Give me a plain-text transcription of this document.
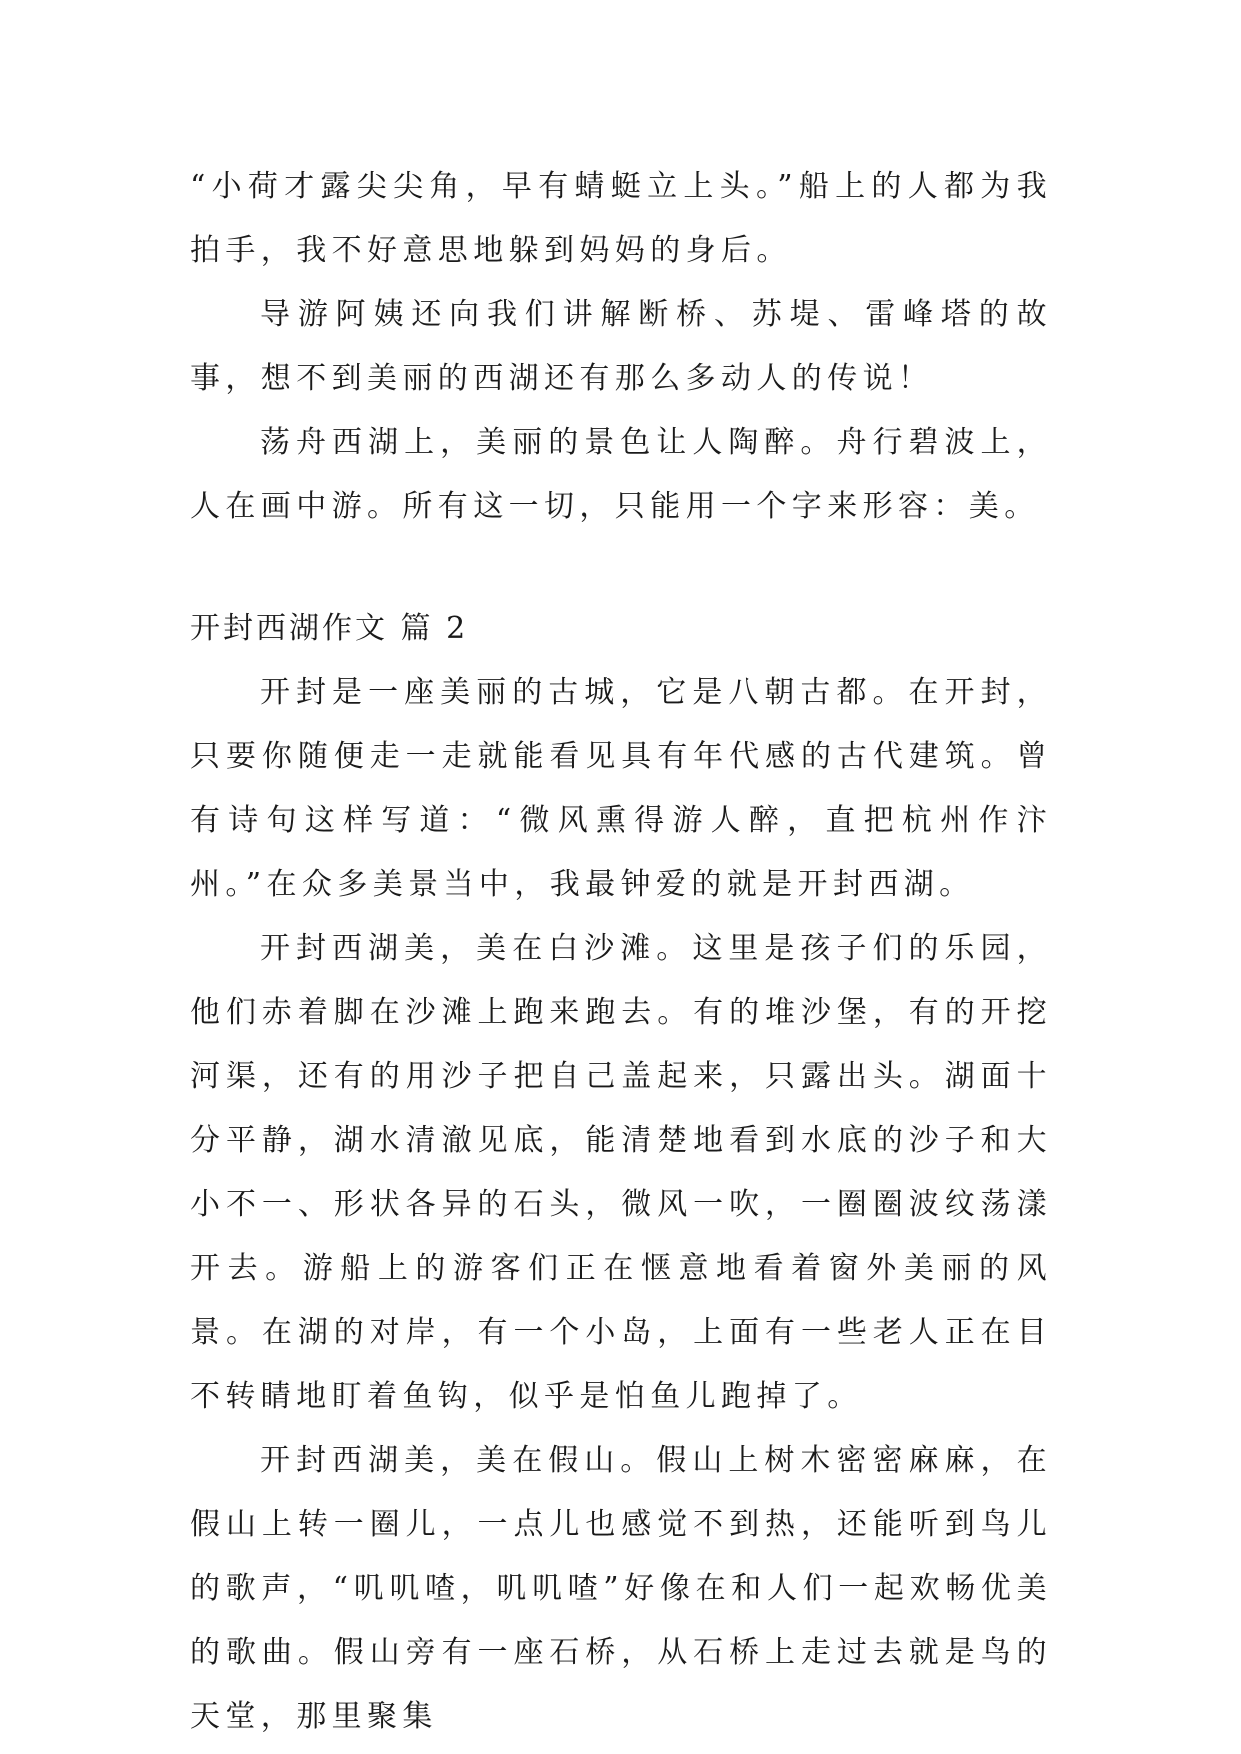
“小荷才露尖尖角，早有蜻蜓立上头。”船上的人都为我拍手，我不好意思地躲到妈妈的身后。

导游阿姨还向我们讲解断桥、苏堤、雷峰塔的故事，想不到美丽的西湖还有那么多动人的传说！

荡舟西湖上，美丽的景色让人陶醉。舟行碧波上，人在画中游。所有这一切，只能用一个字来形容：美。

开封西湖作文 篇 2

开封是一座美丽的古城，它是八朝古都。在开封，只要你随便走一走就能看见具有年代感的古代建筑。曾有诗句这样写道：“微风熏得游人醉，直把杭州作汴州。”在众多美景当中，我最钟爱的就是开封西湖。

开封西湖美，美在白沙滩。这里是孩子们的乐园，他们赤着脚在沙滩上跑来跑去。有的堆沙堡，有的开挖河渠，还有的用沙子把自己盖起来，只露出头。湖面十分平静，湖水清澈见底，能清楚地看到水底的沙子和大小不一、形状各异的石头，微风一吹，一圈圈波纹荡漾开去。游船上的游客们正在惬意地看着窗外美丽的风景。在湖的对岸，有一个小岛，上面有一些老人正在目不转睛地盯着鱼钩，似乎是怕鱼儿跑掉了。

开封西湖美，美在假山。假山上树木密密麻麻，在假山上转一圈儿，一点儿也感觉不到热，还能听到鸟儿的歌声，“叽叽喳，叽叽喳”好像在和人们一起欢畅优美的歌曲。假山旁有一座石桥，从石桥上走过去就是鸟的天堂，那里聚集
